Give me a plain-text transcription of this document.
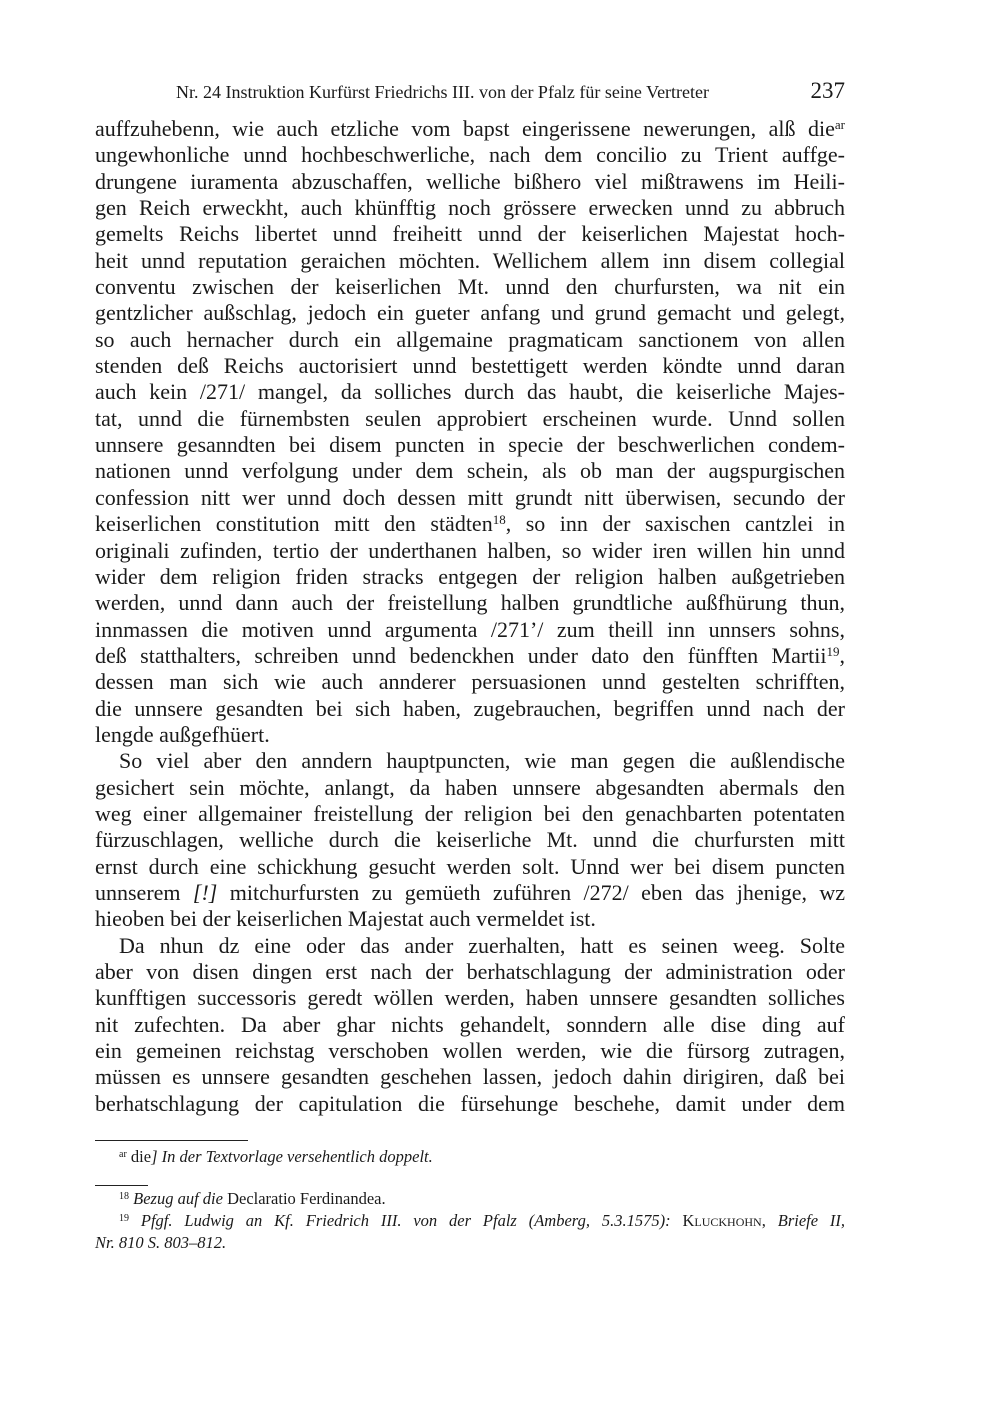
Nr. 24 Instruktion Kurfürst Friedrichs III. von der Pfalz für seine Vertreter	237
auffzuhebenn, wie auch etzliche vom bapst eingerissene newerungen, alß die$^{ar}$
ungewhonliche unnd hochbeschwerliche, nach dem concilio zu Trient auffge-
drungene iuramenta abzuschaffen, welliche bißhero viel mißtrawens im Heili-
gen Reich erweckht, auch khünfftig noch grössere erwecken unnd zu abbruch
gemelts Reichs libertet unnd freiheitt unnd der keiserlichen Majestat hoch-
heit unnd reputation geraichen möchten. Wellichem allem inn disem collegial
conventu zwischen der keiserlichen Mt. unnd den churfursten, wa nit ein
gentzlicher außschlag, jedoch ein gueter anfang und grund gemacht und gelegt,
so auch hernacher durch ein allgemaine pragmaticam sanctionem von allen
stenden deß Reichs auctorisiert unnd bestettigett werden köndte unnd daran
auch kein /271/ mangel, da solliches durch das haubt, die keiserliche Majes-
tat, unnd die fürnembsten seulen approbiert erscheinen wurde. Unnd sollen
unnsere gesanndten bei disem puncten in specie der beschwerlichen condem-
nationen unnd verfolgung under dem schein, als ob man der augspurgischen
confession nitt wer unnd doch dessen mitt grundt nitt überwisen, secundo der
keiserlichen constitution mitt den städten$^{18}$, so inn der saxischen cantzlei in
originali zufinden, tertio der underthanen halben, so wider iren willen hin unnd
wider dem religion friden stracks entgegen der religion halben außgetrieben
werden, unnd dann auch der freistellung halben grundtliche außfhürung thun,
innmassen die motiven unnd argumenta /271’/ zum theill inn unnsers sohns,
deß statthalters, schreiben unnd bedenckhen under dato den fünfften Martii$^{19}$,
dessen man sich wie auch annderer persuasionen unnd gestelten schrifften,
die unnsere gesandten bei sich haben, zugebrauchen, begriffen unnd nach der
lengde außgefhüert.
So viel aber den anndern hauptpuncten, wie man gegen die außlendische
gesichert sein möchte, anlangt, da haben unnsere abgesandten abermals den
weg einer allgemainer freistellung der religion bei den genachbarten potentaten
fürzuschlagen, welliche durch die keiserliche Mt. unnd die churfursten mitt
ernst durch eine schickhung gesucht werden solt. Unnd wer bei disem puncten
unnserem [!] mitchurfursten zu gemüeth zuführen /272/ eben das jhenige, wz
hieoben bei der keiserlichen Majestat auch vermeldet ist.
Da nhun dz eine oder das ander zuerhalten, hatt es seinen weeg. Solte
aber von disen dingen erst nach der berhatschlagung der administration oder
kunfftigen successoris geredt wöllen werden, haben unnsere gesandten solliches
nit zufechten. Da aber ghar nichts gehandelt, sonndern alle dise ding auf
ein gemeinen reichstag verschoben wollen werden, wie die fürsorg zutragen,
müssen es unnsere gesandten geschehen lassen, jedoch dahin dirigiren, daß bei
berhatschlagung der capitulation die fürsehunge beschehe, damit under dem
$^{ar}$ die] In der Textvorlage versehentlich doppelt.
$^{18}$ Bezug auf die Declaratio Ferdinandea.
$^{19}$ Pfgf. Ludwig an Kf. Friedrich III. von der Pfalz (Amberg, 5.3.1575): Kluckhohn, Briefe II,
Nr. 810 S. 803–812.
